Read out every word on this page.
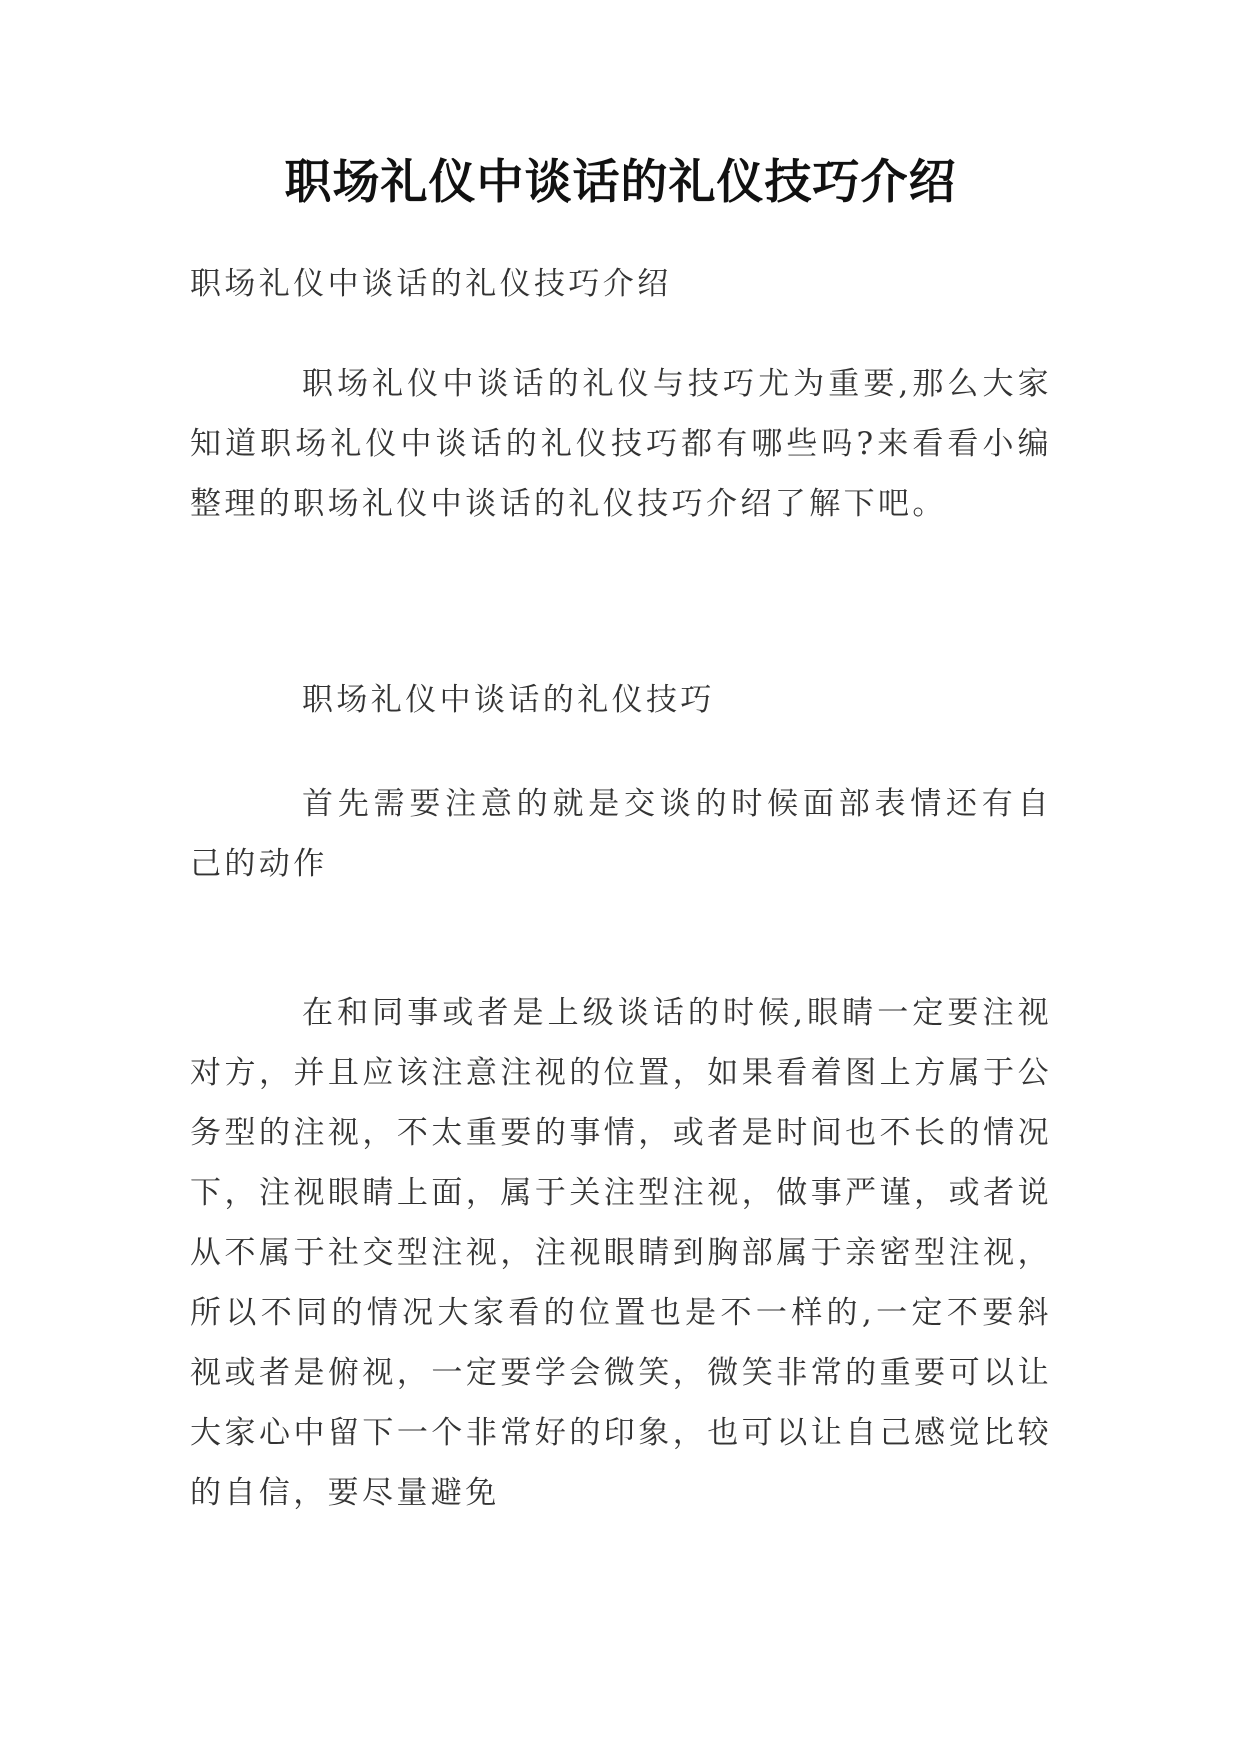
职场礼仪中谈话的礼仪技巧介绍

职场礼仪中谈话的礼仪技巧介绍

职场礼仪中谈话的礼仪与技巧尤为重要,那么大家知道职场礼仪中谈话的礼仪技巧都有哪些吗?来看看小编整理的职场礼仪中谈话的礼仪技巧介绍了解下吧。

职场礼仪中谈话的礼仪技巧

首先需要注意的就是交谈的时候面部表情还有自己的动作

在和同事或者是上级谈话的时候,眼睛一定要注视对方，并且应该注意注视的位置，如果看着图上方属于公务型的注视，不太重要的事情，或者是时间也不长的情况下，注视眼睛上面，属于关注型注视，做事严谨，或者说从不属于社交型注视，注视眼睛到胸部属于亲密型注视，所以不同的情况大家看的位置也是不一样的,一定不要斜视或者是俯视，一定要学会微笑，微笑非常的重要可以让大家心中留下一个非常好的印象，也可以让自己感觉比较的自信，要尽量避免
